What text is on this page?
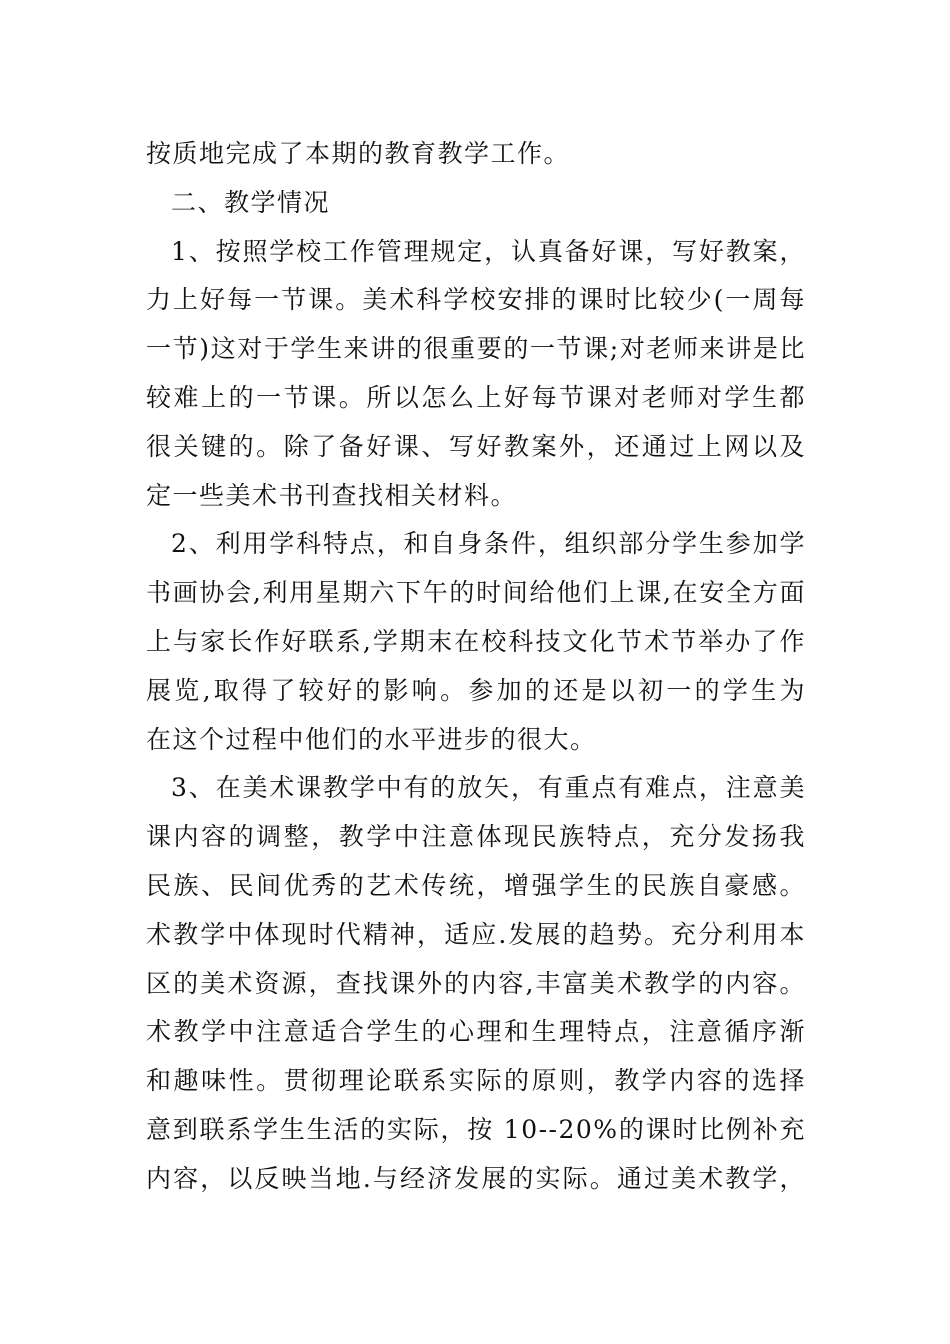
按质地完成了本期的教育教学工作。
二、教学情况
1、按照学校工作管理规定，认真备好课，写好教案，
力上好每一节课。美术科学校安排的课时比较少(一周每
一节)这对于学生来讲的很重要的一节课;对老师来讲是比
较难上的一节课。所以怎么上好每节课对老师对学生都
很关键的。除了备好课、写好教案外，还通过上网以及
定一些美术书刊查找相关材料。
2、利用学科特点，和自身条件，组织部分学生参加学
书画协会,利用星期六下午的时间给他们上课,在安全方面
上与家长作好联系,学期末在校科技文化节术节举办了作
展览,取得了较好的影响。参加的还是以初一的学生为
在这个过程中他们的水平进步的很大。
3、在美术课教学中有的放矢，有重点有难点，注意美
课内容的调整，教学中注意体现民族特点，充分发扬我
民族、民间优秀的艺术传统，增强学生的民族自豪感。
术教学中体现时代精神，适应.发展的趋势。充分利用本
区的美术资源，查找课外的内容,丰富美术教学的内容。
术教学中注意适合学生的心理和生理特点，注意循序渐
和趣味性。贯彻理论联系实际的原则，教学内容的选择
意到联系学生生活的实际，按 10--20%的课时比例补充
内容，以反映当地.与经济发展的实际。通过美术教学，
